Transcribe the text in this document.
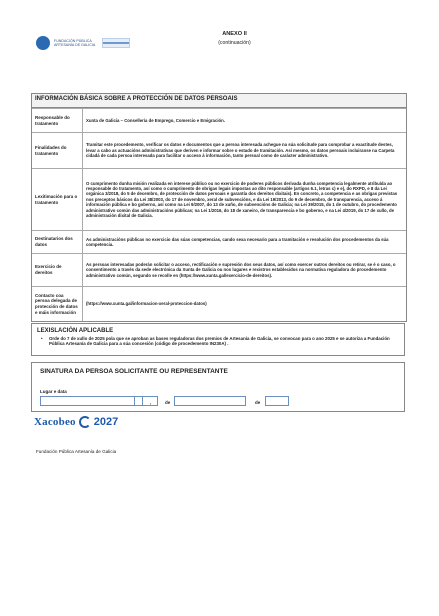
FUNDACIÓN PÚBLICA
ARTESANÍA DE GALICIA
ANEXO II
(continuación)
INFORMACIÓN BÁSICA SOBRE A PROTECCIÓN DE DATOS PERSOAIS
Responsable do tratamento
Xunta de Galicia – Consellería de Emprego, Comercio e Emigración.
Finalidades do tratamento
Tramitar este procedemento, verificar os datos e documentos que a persoa interesada achegue na súa solicitude para comprobar a exactitude destes, levar a cabo as actuacións administrativas que deriven e informar sobre o estado de tramitación. Así mesmo, os datos persoais incluiranse na Carpeta cidadá de cada persoa interesada para facilitar o acceso á información, tanto persoal como de carácter administrativo.
Lexitimación para o tratamento
O cumprimento dunha misión realizada en interese público ou no exercicio de poderes públicos derivada dunha competencia legalmente atribuída ao responsable do tratamento, así como o cumprimento de obrigas legais impostas ao dito responsable (artigos 6.1, letras c) e e), do RXPD, e 8 da Lei orgánica 3/2018, do 5 de decembro, de protección de datos persoais e garantía dos dereitos dixitais). En concreto, a competencia e as obrigas previstas nos preceptos básicos da Lei 38/2003, do 17 de novembro, xeral de subvencións, e da Lei 19/2013, do 9 de decembro, de transparencia, acceso á información pública e bo goberno, así como na Lei 9/2007, do 13 de xuño, de subvencións de Galicia; na Lei 39/2015, do 1 de outubro, do procedemento administrativo común das administracións públicas; na Lei 1/2016, do 18 de xaneiro, de transparencia e bo goberno, e na Lei 4/2019, do 17 de xullo, de administración dixital de Galicia.
Destinatarios dos datos
As administracións públicas no exercicio das súas competencias, cando sexa necesario para a tramitación e resolución dos procedementos da súa competencia.
Exercicio de dereitos
As persoas interesadas poderán solicitar o acceso, rectificación e supresión dos seus datos, así como exercer outros dereitos ou retirar, se é o caso, o consentimento a través da sede electrónica da Xunta de Galicia ou nos lugares e rexistros establecidos na normativa reguladora do procedemento administrativo común, segundo se recolle en (https://www.xunta.gal/exercicio-de-dereitos).
Contacto coa persoa delegada de protección de datos e máis información
(https://www.xunta.gal/informacion-xeral-proteccion-datos)
LEXISLACIÓN APLICABLE
• Orde do 7 de xullo de 2025 pola que se aproban as bases reguladoras dos premios de Artesanía de Galicia, se convocan para o ano 2025 e se autoriza a Fundación Pública Artesanía de Galicia para a súa concesión (código de procedemento IN230A) .
SINATURA DA PERSOA SOLICITANTE OU REPRESENTANTE
Lugar e data
,	de	de
Xacobeo 2027
Fundación Pública Artesanía de Galicia
